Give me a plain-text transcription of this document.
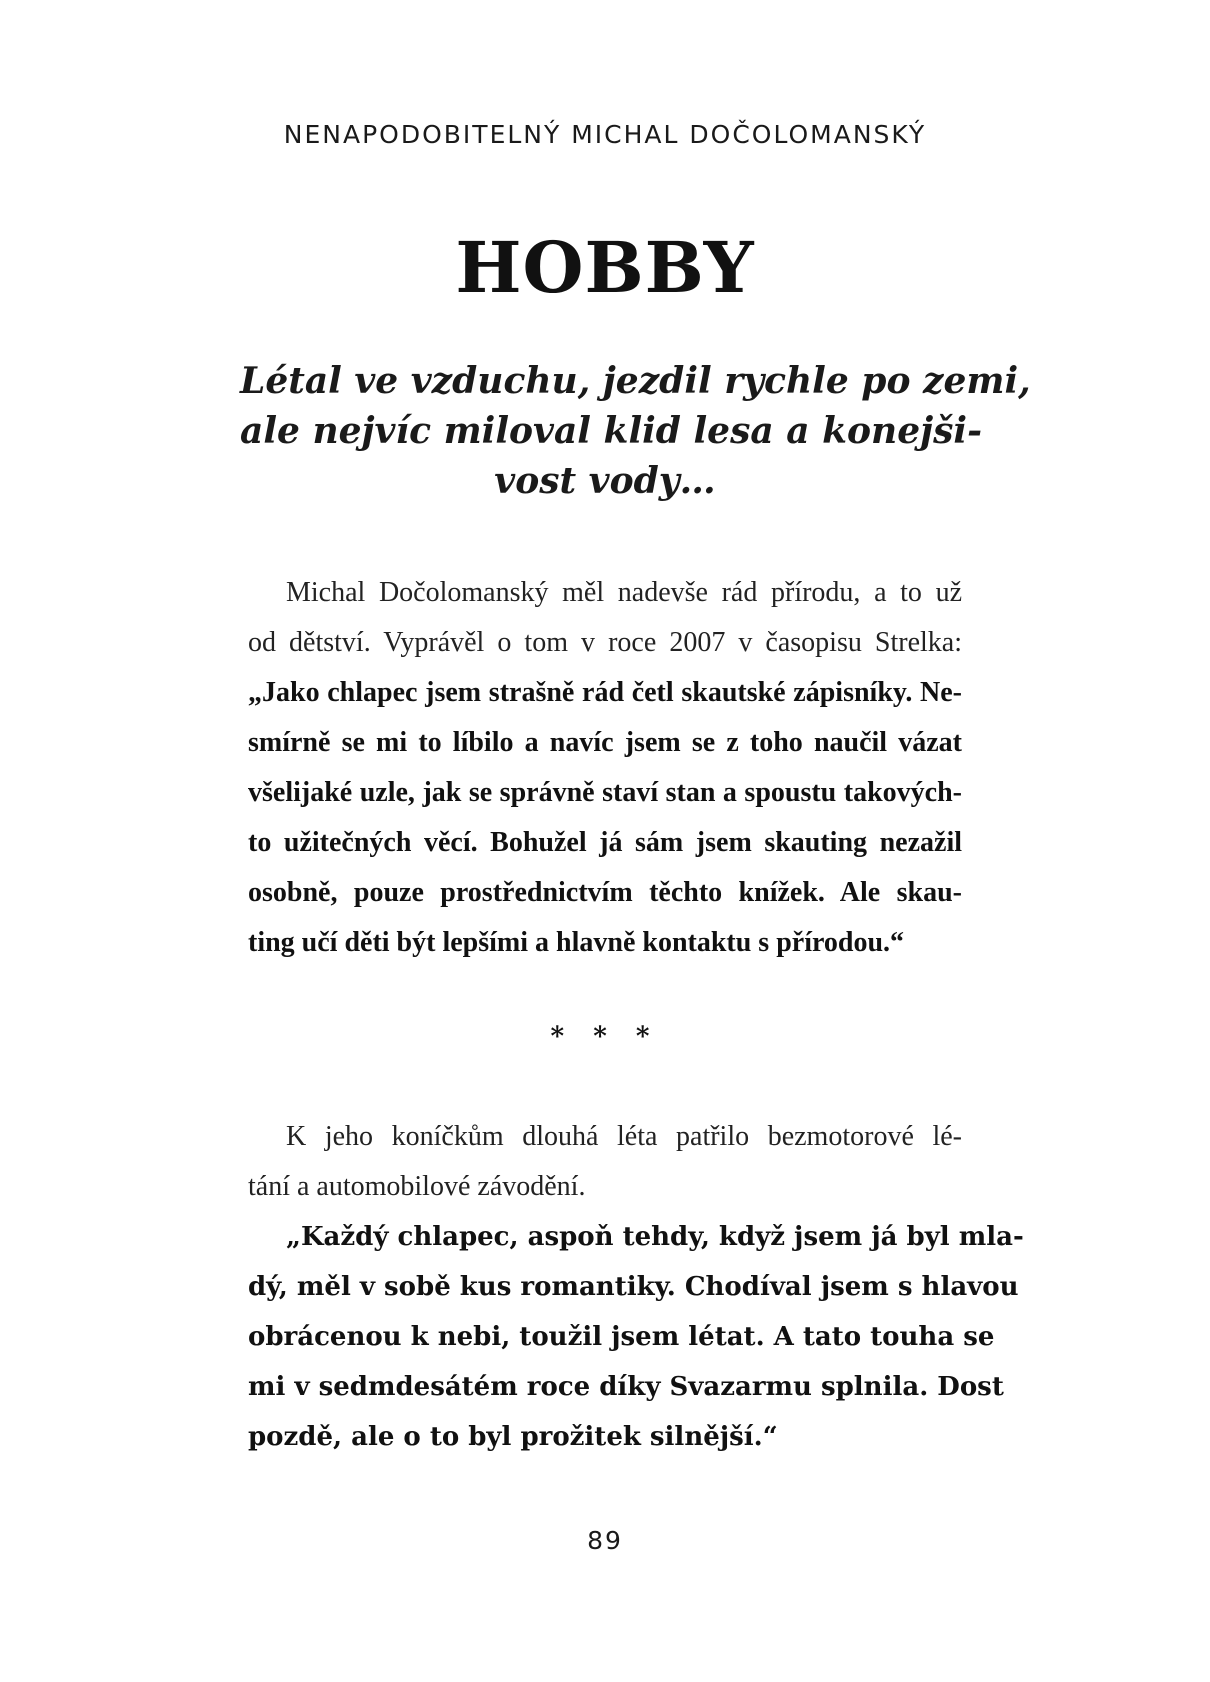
NENAPODOBITELNÝ MICHAL DOČOLOMANSKÝ
HOBBY
Létal ve vzduchu, jezdil rychle po zemi,
ale nejvíc miloval klid lesa a konejši-
vost vody…
Michal Dočolomanský měl nadevše rád přírodu, a to už
od dětství. Vyprávěl o tom v roce 2007 v časopisu Strelka:
„Jako chlapec jsem strašně rád četl skautské zápisníky. Ne-
smírně se mi to líbilo a navíc jsem se z toho naučil vázat
všelijaké uzle, jak se správně staví stan a spoustu takových-
to užitečných věcí. Bohužel já sám jsem skauting nezažil
osobně, pouze prostřednictvím těchto knížek. Ale skau-
ting učí děti být lepšími a hlavně kontaktu s přírodou.“
* * *
K jeho koníčkům dlouhá léta patřilo bezmotorové lé-
tání a automobilové závodění.
„Každý chlapec, aspoň tehdy, když jsem já byl mla-
dý, měl v sobě kus romantiky. Chodíval jsem s hlavou
obrácenou k nebi, toužil jsem létat. A tato touha se
mi v sedmdesátém roce díky Svazarmu splnila. Dost
pozdě, ale o to byl prožitek silnější.“
89
